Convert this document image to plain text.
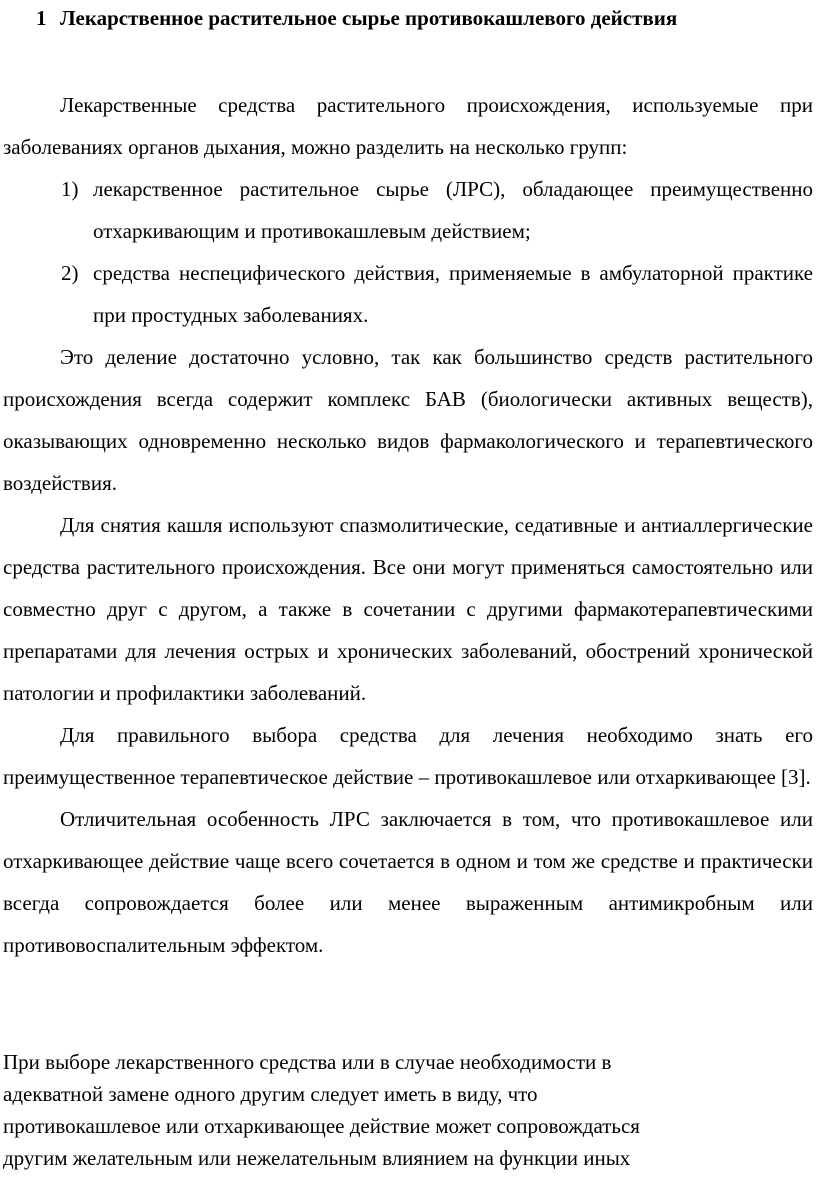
1 Лекарственное растительное сырье противокашлевого действия

Лекарственные средства растительного происхождения, используемые при заболеваниях органов дыхания, можно разделить на несколько групп:

1) лекарственное растительное сырье (ЛРС), обладающее преимущественно отхаркивающим и противокашлевым действием;
2) средства неспецифического действия, применяемые в амбулаторной практике при простудных заболеваниях.

Это деление достаточно условно, так как большинство средств растительного происхождения всегда содержит комплекс БАВ (биологически активных веществ), оказывающих одновременно несколько видов фармакологического и терапевтического воздействия.

Для снятия кашля используют спазмолитические, седативные и антиаллергические средства растительного происхождения. Все они могут применяться самостоятельно или совместно друг с другом, а также в сочетании с другими фармакотерапевтическими препаратами для лечения острых и хронических заболеваний, обострений хронической патологии и профилактики заболеваний.

Для правильного выбора средства для лечения необходимо знать его преимущественное терапевтическое действие – противокашлевое или отхаркивающее [3].

Отличительная особенность ЛРС заключается в том, что противокашлевое или отхаркивающее действие чаще всего сочетается в одном и том же средстве и практически всегда сопровождается более или менее выраженным антимикробным или противовоспалительным эффектом.

При выборе лекарственного средства или в случае необходимости в

адекватной замене одного другим следует иметь в виду, что

противокашлевое или отхаркивающее действие может сопровождаться

другим желательным или нежелательным влиянием на функции иных
